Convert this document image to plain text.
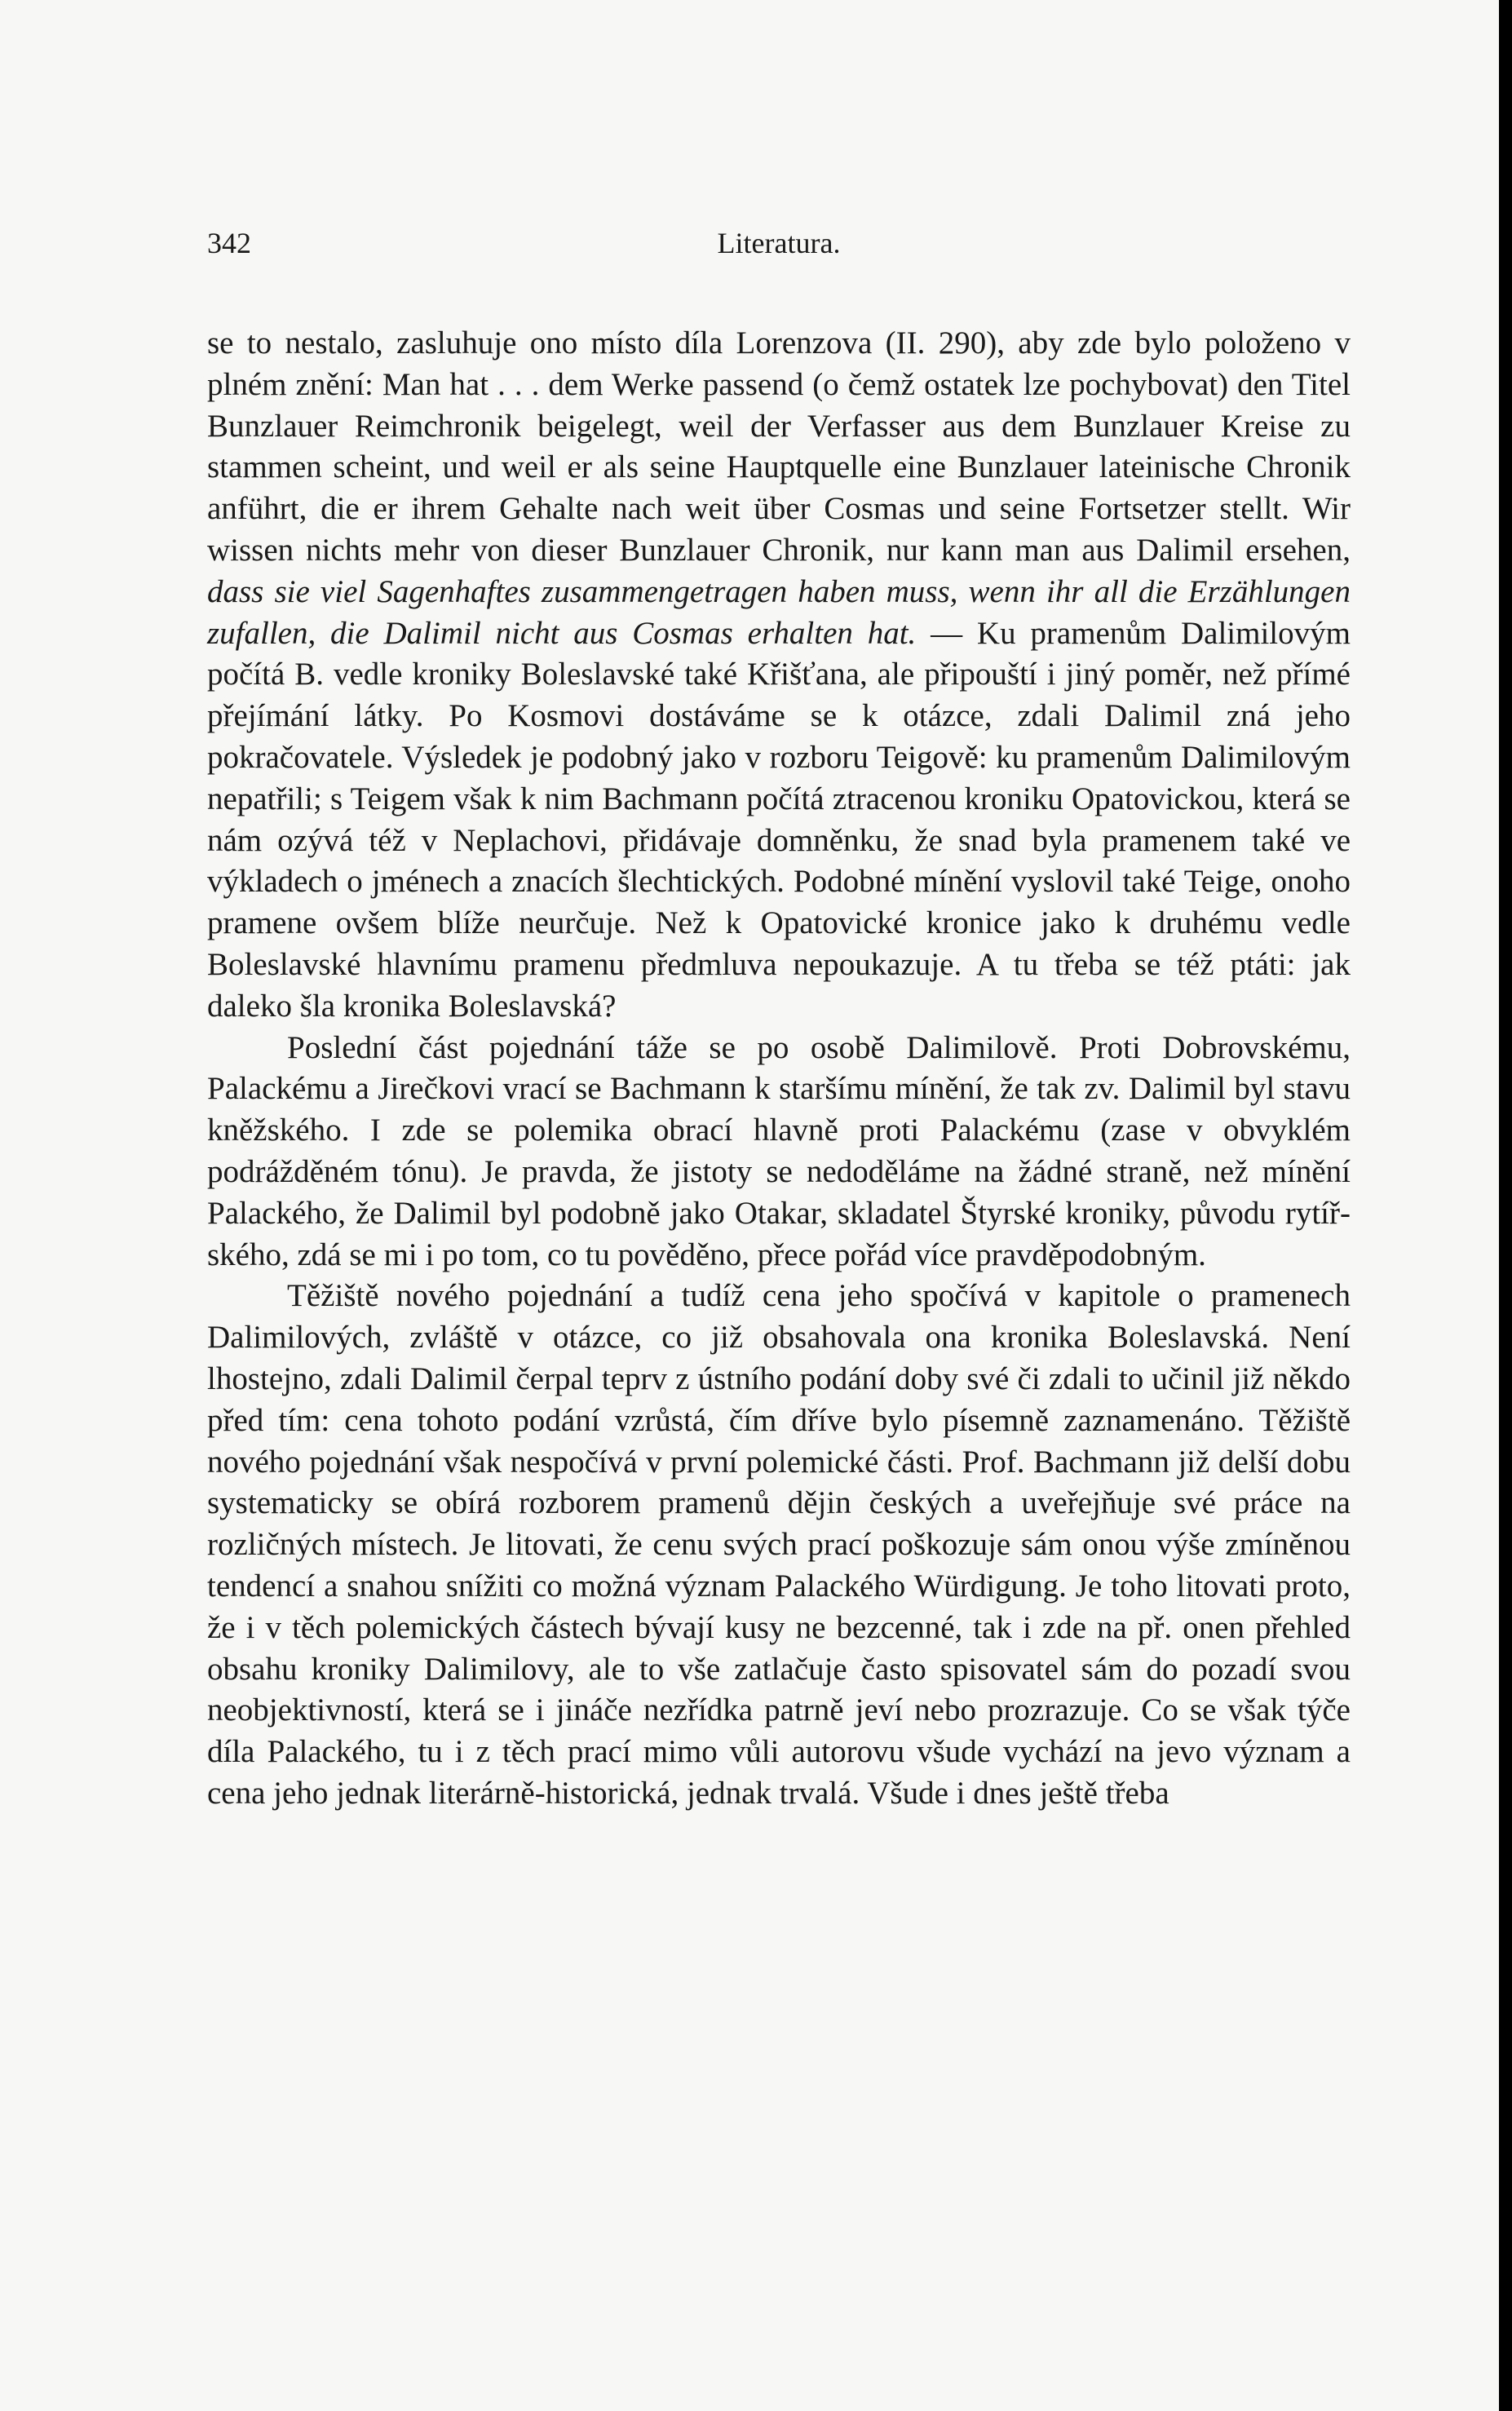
342	Literatura.

se to nestalo, zasluhuje ono místo díla Lorenzova (II. 290), aby zde bylo položeno v plném znění: Man hat . . . dem Werke passend (o čemž ostatek lze pochybovat) den Titel Bunzlauer Reimchronik beigelegt, weil der Verfasser aus dem Bunzlauer Kreise zu stammen scheint, und weil er als seine Hauptquelle eine Bunzlauer lateinische Chronik anführt, die er ihrem Gehalte nach weit über Cosmas und seine Fortsetzer stellt. Wir wissen nichts mehr von dieser Bunzlauer Chronik, nur kann man aus Dalimil ersehen, dass sie viel Sagenhaftes zusammengetragen haben muss, wenn ihr all die Erzählungen zufallen, die Dalimil nicht aus Cosmas erhalten hat. — Ku pramenům Dalimilovým počítá B. vedle kroniky Boleslavské také Křišťana, ale připouští i jiný poměr, než přímé přejímání látky. Po Kosmovi dostáváme se k otázce, zdali Dalimil zná jeho pokračovatele. Výsledek je podobný jako v rozboru Teigově: ku pramenům Dalimilovým nepatřili; s Teigem však k nim Bachmann počítá ztracenou kroniku Opatovickou, která se nám ozývá též v Neplachovi, přidávaje domněnku, že snad byla pramenem také ve výkladech o jménech a znacích šlechtických. Podobné mínění vyslovil také Teige, onoho pramene ovšem blíže neurčuje. Než k Opatovické kronice jako k druhému vedle Boleslavské hlavnímu pramenu předmluva nepoukazuje. A tu třeba se též ptáti: jak daleko šla kronika Boleslavská?

Poslední část pojednání táže se po osobě Dalimilově. Proti Dobrovskému, Palackému a Jirečkovi vrací se Bachmann k staršímu mínění, že tak zv. Dalimil byl stavu kněžského. I zde se polemika obrací hlavně proti Palackému (zase v obvyklém podrážděném tónu). Je pravda, že jistoty se nedoděláme na žádné straně, než mínění Palackého, že Dalimil byl podobně jako Otakar, skladatel Štyrské kroniky, původu rytířského, zdá se mi i po tom, co tu pověděno, přece pořád více pravděpodobným.

Těžiště nového pojednání a tudíž cena jeho spočívá v kapitole o pramenech Dalimilových, zvláště v otázce, co již obsahovala ona kronika Boleslavská. Není lhostejno, zdali Dalimil čerpal teprv z ústního podání doby své či zdali to učinil již někdo před tím: cena tohoto podání vzrůstá, čím dříve bylo písemně zaznamenáno. Těžiště nového pojednání však nespočívá v první polemické části. Prof. Bachmann již delší dobu systematicky se obírá rozborem pramenů dějin českých a uveřejňuje své práce na rozličných místech. Je litovati, že cenu svých prací poškozuje sám onou výše zmíněnou tendencí a snahou snížiti co možná význam Palackého Würdigung. Je toho litovati proto, že i v těch polemických částech bývají kusy ne bezcenné, tak i zde na př. onen přehled obsahu kroniky Dalimilovy, ale to vše zatlačuje často spisovatel sám do pozadí svou neobjektivností, která se i jináče nezřídka patrně jeví nebo prozrazuje. Co se však týče díla Palackého, tu i z těch prací mimo vůli autorovu všude vychází na jevo význam a cena jeho jednak literárně-historická, jednak trvalá. Všude i dnes ještě třeba
